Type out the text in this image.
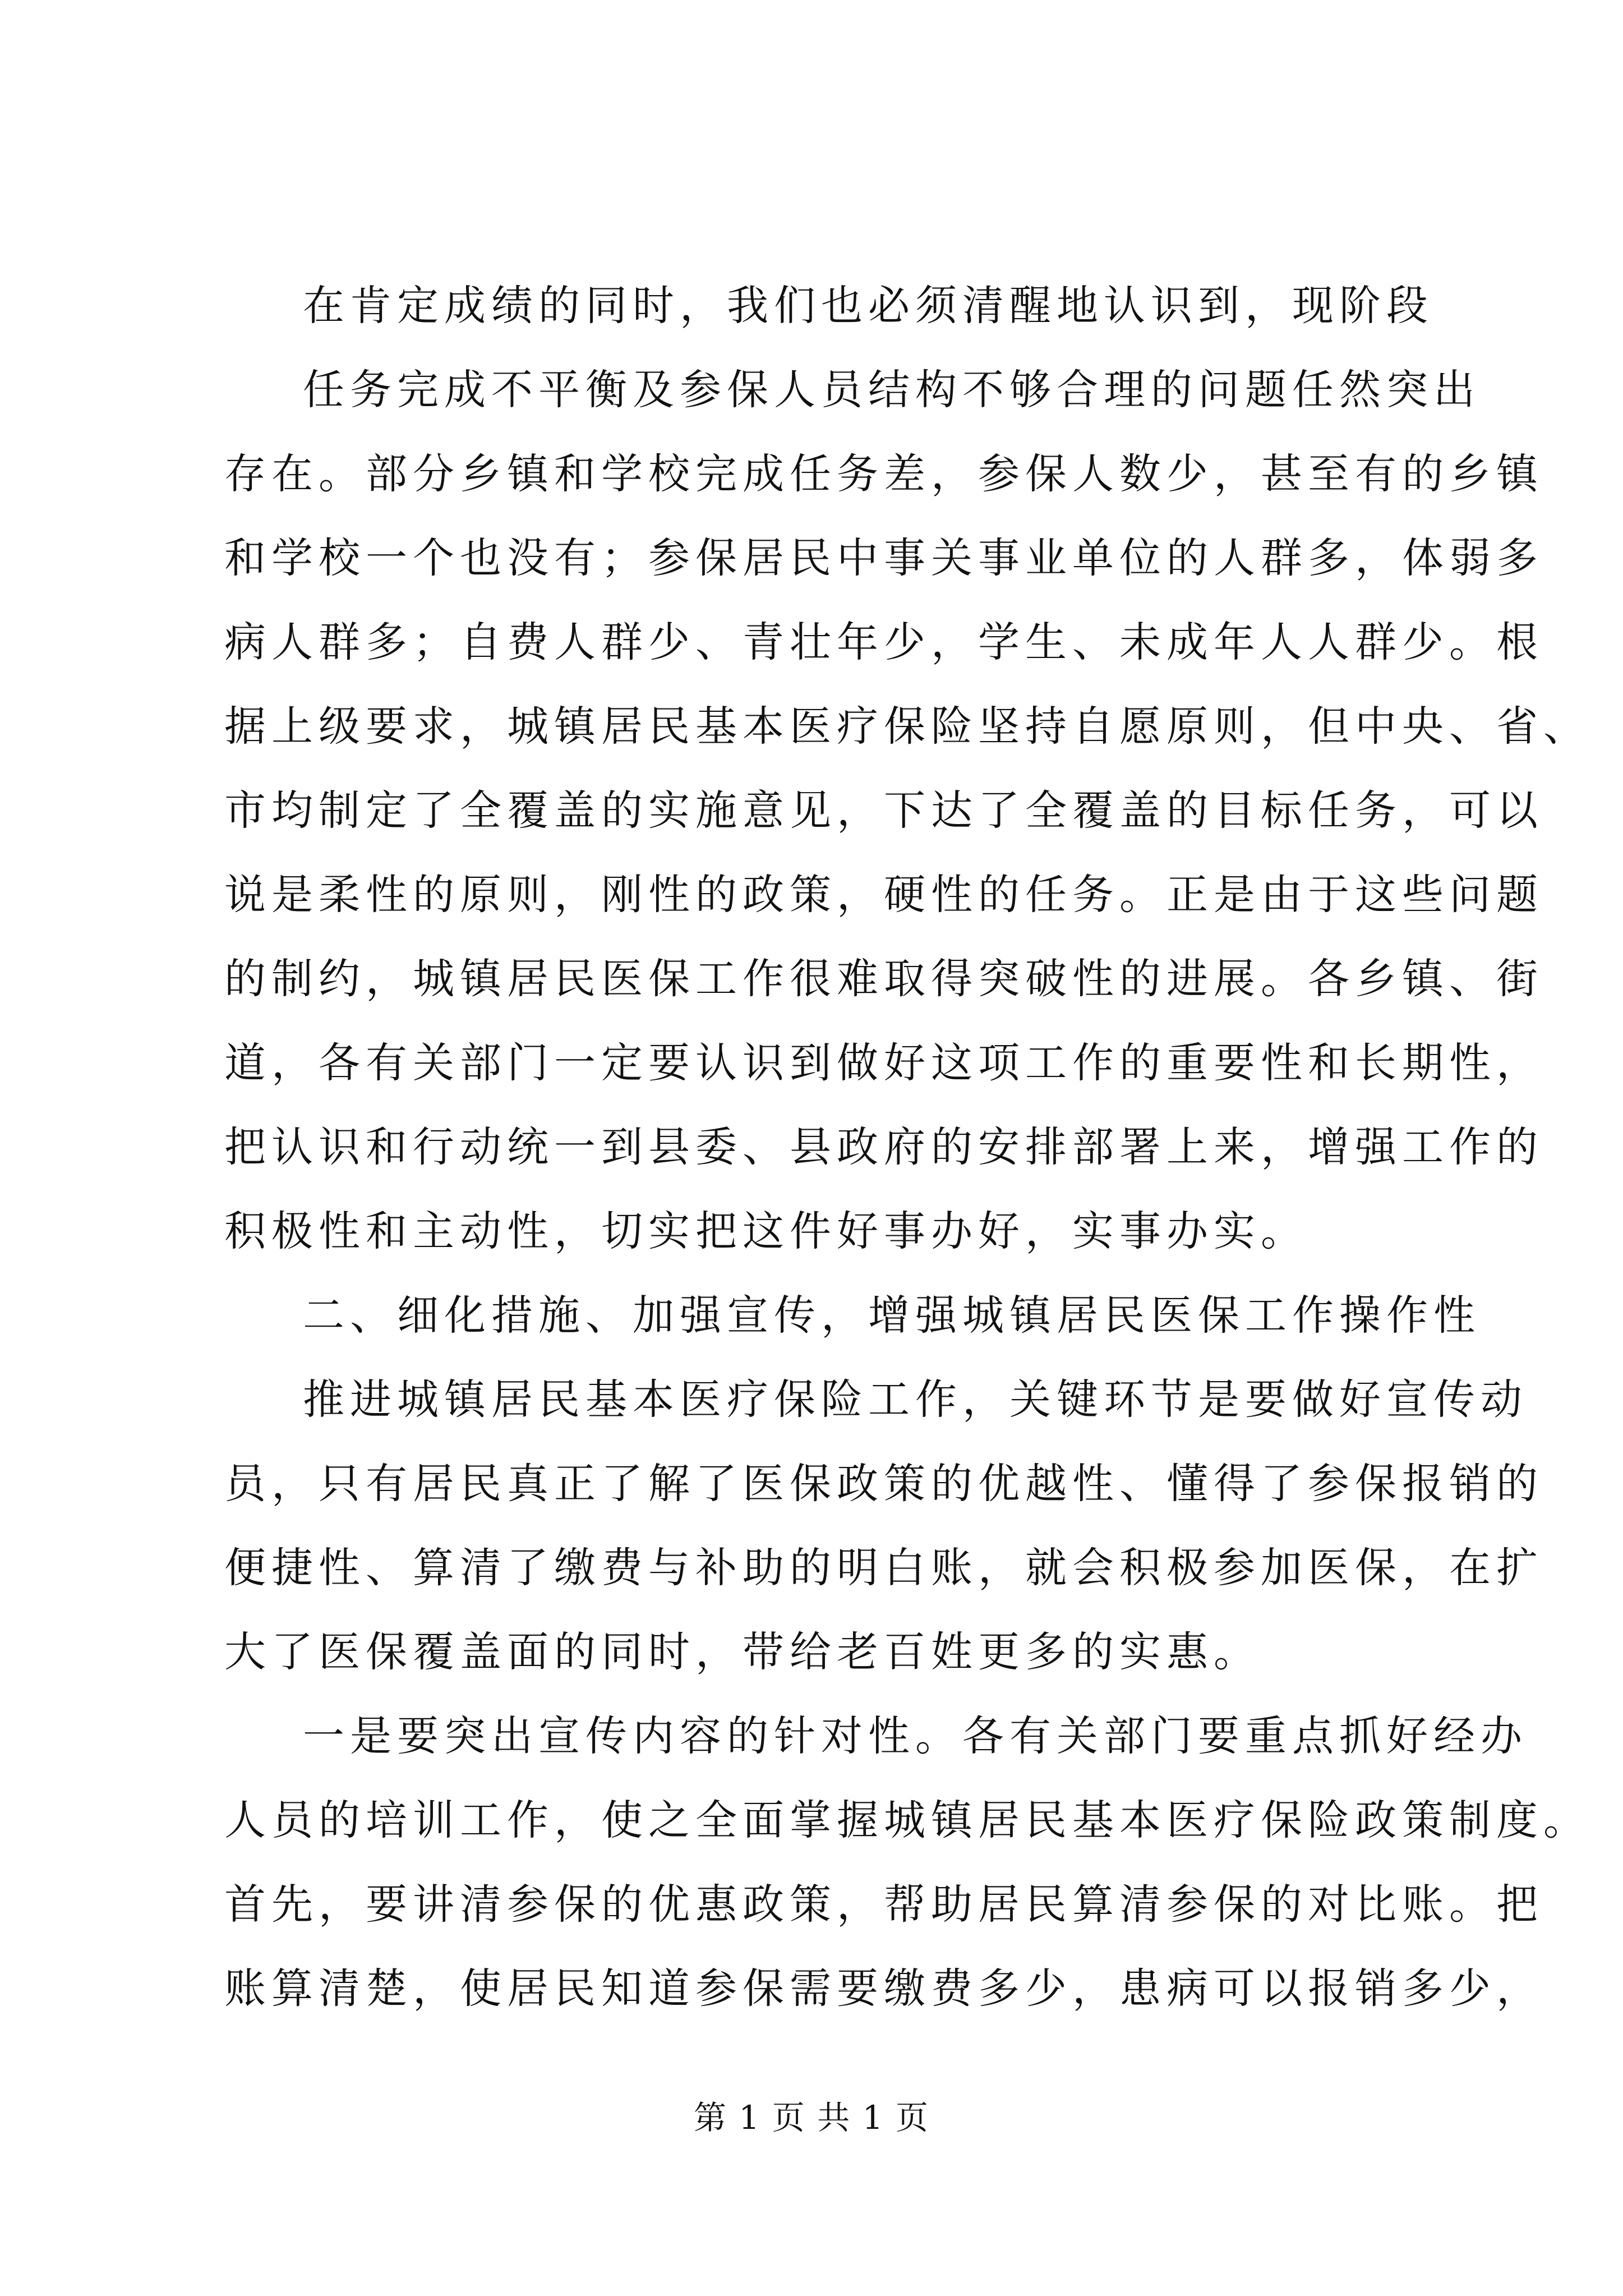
在肯定成绩的同时，我们也必须清醒地认识到，现阶段
任务完成不平衡及参保人员结构不够合理的问题任然突出
存在。部分乡镇和学校完成任务差，参保人数少，甚至有的乡镇
和学校一个也没有；参保居民中事关事业单位的人群多，体弱多
病人群多；自费人群少、青壮年少，学生、未成年人人群少。根
据上级要求，城镇居民基本医疗保险坚持自愿原则，但中央、省、
市均制定了全覆盖的实施意见，下达了全覆盖的目标任务，可以
说是柔性的原则，刚性的政策，硬性的任务。正是由于这些问题
的制约，城镇居民医保工作很难取得突破性的进展。各乡镇、街
道，各有关部门一定要认识到做好这项工作的重要性和长期性，
把认识和行动统一到县委、县政府的安排部署上来，增强工作的
积极性和主动性，切实把这件好事办好，实事办实。
二、细化措施、加强宣传，增强城镇居民医保工作操作性
推进城镇居民基本医疗保险工作，关键环节是要做好宣传动
员，只有居民真正了解了医保政策的优越性、懂得了参保报销的
便捷性、算清了缴费与补助的明白账，就会积极参加医保，在扩
大了医保覆盖面的同时，带给老百姓更多的实惠。
一是要突出宣传内容的针对性。各有关部门要重点抓好经办
人员的培训工作，使之全面掌握城镇居民基本医疗保险政策制度。
首先，要讲清参保的优惠政策，帮助居民算清参保的对比账。把
账算清楚，使居民知道参保需要缴费多少，患病可以报销多少，
第 1 页 共 1 页
